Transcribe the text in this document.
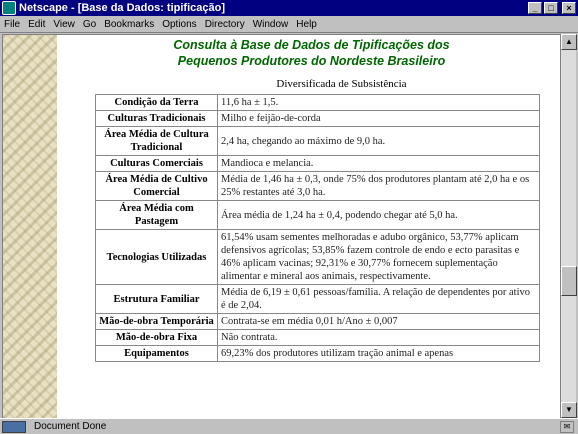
Netscape - [Base da Dados: tipificação]	_	□	×
File Edit View Go Bookmarks Options Directory Window Help
Consulta à Base de Dados de Tipificações dos
Pequenos Produtores do Nordeste Brasileiro
Diversificada de Subsistência
Condição da Terra	11,6 ha ± 1,5.
Culturas Tradicionais	Milho e feijão-de-corda
Área Média de Cultura Tradicional	2,4 ha, chegando ao máximo de 9,0 ha.
Culturas Comerciais	Mandioca e melancia.
Área Média de Cultivo Comercial	Média de 1,46 ha ± 0,3, onde 75% dos produtores plantam até 2,0 ha e os 25% restantes até 3,0 ha.
Área Média com Pastagem	Área média de 1,24 ha ± 0,4, podendo chegar até 5,0 ha.
Tecnologias Utilizadas	61,54% usam sementes melhoradas e adubo orgânico, 53,77% aplicam defensivos agrícolas; 53,85% fazem controle de endo e ecto parasitas e 46% aplicam vacinas; 92,31% e 30,77% fornecem suplementação alimentar e mineral aos animais, respectivamente.
Estrutura Familiar	Média de 6,19 ± 0,61 pessoas/família. A relação de dependentes por ativo é de 2,04.
Mão-de-obra Temporária	Contrata-se em média 0,01 h/Ano ± 0,007
Mão-de-obra Fixa	Não contrata.
Equipamentos	69,23% dos produtores utilizam tração animal e apenas
▲
▼
Document Done	✉
